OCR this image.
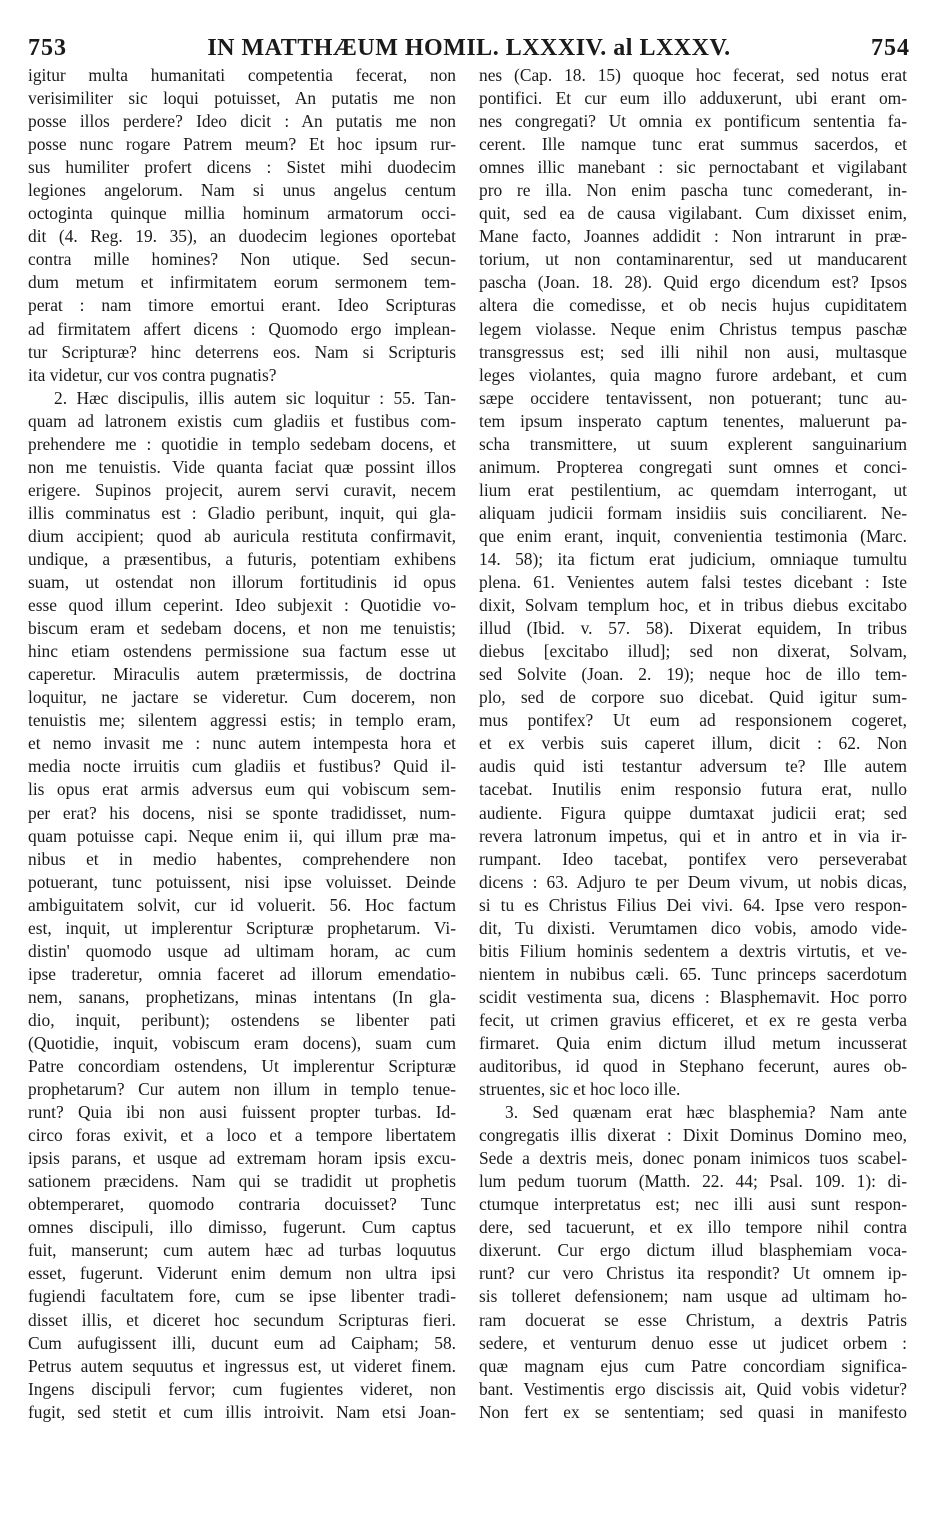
753	IN MATTHÆUM HOMIL. LXXXIV. al LXXXV.	754
igitur multa humanitati competentia fecerat, non
verisimiliter sic loqui potuisset, An putatis me non
posse illos perdere? Ideo dicit : An putatis me non
posse nunc rogare Patrem meum? Et hoc ipsum rur-
sus humiliter profert dicens : Sistet mihi duodecim
legiones angelorum. Nam si unus angelus centum
octoginta quinque millia hominum armatorum occi-
dit (4. Reg. 19. 35), an duodecim legiones oportebat
contra mille homines? Non utique. Sed secun-
dum metum et infirmitatem eorum sermonem tem-
perat : nam timore emortui erant. Ideo Scripturas
ad firmitatem affert dicens : Quomodo ergo implean-
tur Scripturæ? hinc deterrens eos. Nam si Scripturis
ita videtur, cur vos contra pugnatis?
2. Hæc discipulis, illis autem sic loquitur : 55. Tan-
quam ad latronem existis cum gladiis et fustibus com-
prehendere me : quotidie in templo sedebam docens, et
non me tenuistis. Vide quanta faciat quæ possint illos
erigere. Supinos projecit, aurem servi curavit, necem
illis comminatus est : Gladio peribunt, inquit, qui gla-
dium accipient; quod ab auricula restituta confirmavit,
undique, a præsentibus, a futuris, potentiam exhibens
suam, ut ostendat non illorum fortitudinis id opus
esse quod illum ceperint. Ideo subjexit : Quotidie vo-
biscum eram et sedebam docens, et non me tenuistis;
hinc etiam ostendens permissione sua factum esse ut
caperetur. Miraculis autem prætermissis, de doctrina
loquitur, ne jactare se videretur. Cum docerem, non
tenuistis me; silentem aggressi estis; in templo eram,
et nemo invasit me : nunc autem intempesta hora et
media nocte irruitis cum gladiis et fustibus? Quid il-
lis opus erat armis adversus eum qui vobiscum sem-
per erat? his docens, nisi se sponte tradidisset, num-
quam potuisse capi. Neque enim ii, qui illum præ ma-
nibus et in medio habentes, comprehendere non
potuerant, tunc potuissent, nisi ipse voluisset. Deinde
ambiguitatem solvit, cur id voluerit. 56. Hoc factum
est, inquit, ut implerentur Scripturæ prophetarum. Vi-
distin' quomodo usque ad ultimam horam, ac cum
ipse traderetur, omnia faceret ad illorum emendatio-
nem, sanans, prophetizans, minas intentans (In gla-
dio, inquit, peribunt); ostendens se libenter pati
(Quotidie, inquit, vobiscum eram docens), suam cum
Patre concordiam ostendens, Ut implerentur Scripturæ
prophetarum? Cur autem non illum in templo tenue-
runt? Quia ibi non ausi fuissent propter turbas. Id-
circo foras exivit, et a loco et a tempore libertatem
ipsis parans, et usque ad extremam horam ipsis excu-
sationem præcidens. Nam qui se tradidit ut prophetis
obtemperaret, quomodo contraria docuisset? Tunc
omnes discipuli, illo dimisso, fugerunt. Cum captus
fuit, manserunt; cum autem hæc ad turbas loquutus
esset, fugerunt. Viderunt enim demum non ultra ipsi
fugiendi facultatem fore, cum se ipse libenter tradi-
disset illis, et diceret hoc secundum Scripturas fieri.
Cum aufugissent illi, ducunt eum ad Caipham; 58.
Petrus autem sequutus et ingressus est, ut videret finem.
Ingens discipuli fervor; cum fugientes videret, non
fugit, sed stetit et cum illis introivit. Nam etsi Joan-
nes (Cap. 18. 15) quoque hoc fecerat, sed notus erat
pontifici. Et cur eum illo adduxerunt, ubi erant om-
nes congregati? Ut omnia ex pontificum sententia fa-
cerent. Ille namque tunc erat summus sacerdos, et
omnes illic manebant : sic pernoctabant et vigilabant
pro re illa. Non enim pascha tunc comederant, in-
quit, sed ea de causa vigilabant. Cum dixisset enim,
Mane facto, Joannes addidit : Non intrarunt in præ-
torium, ut non contaminarentur, sed ut manducarent
pascha (Joan. 18. 28). Quid ergo dicendum est? Ipsos
altera die comedisse, et ob necis hujus cupiditatem
legem violasse. Neque enim Christus tempus paschæ
transgressus est; sed illi nihil non ausi, multasque
leges violantes, quia magno furore ardebant, et cum
sæpe occidere tentavissent, non potuerant; tunc au-
tem ipsum insperato captum tenentes, maluerunt pa-
scha transmittere, ut suum explerent sanguinarium
animum. Propterea congregati sunt omnes et conci-
lium erat pestilentium, ac quemdam interrogant, ut
aliquam judicii formam insidiis suis conciliarent. Ne-
que enim erant, inquit, convenientia testimonia (Marc.
14. 58); ita fictum erat judicium, omniaque tumultu
plena. 61. Venientes autem falsi testes dicebant : Iste
dixit, Solvam templum hoc, et in tribus diebus excitabo
illud (Ibid. v. 57. 58). Dixerat equidem, In tribus
diebus [excitabo illud]; sed non dixerat, Solvam,
sed Solvite (Joan. 2. 19); neque hoc de illo tem-
plo, sed de corpore suo dicebat. Quid igitur sum-
mus pontifex? Ut eum ad responsionem cogeret,
et ex verbis suis caperet illum, dicit : 62. Non
audis quid isti testantur adversum te? Ille autem
tacebat. Inutilis enim responsio futura erat, nullo
audiente. Figura quippe dumtaxat judicii erat; sed
revera latronum impetus, qui et in antro et in via ir-
rumpant. Ideo tacebat, pontifex vero perseverabat
dicens : 63. Adjuro te per Deum vivum, ut nobis dicas,
si tu es Christus Filius Dei vivi. 64. Ipse vero respon-
dit, Tu dixisti. Verumtamen dico vobis, amodo vide-
bitis Filium hominis sedentem a dextris virtutis, et ve-
nientem in nubibus cæli. 65. Tunc princeps sacerdotum
scidit vestimenta sua, dicens : Blasphemavit. Hoc porro
fecit, ut crimen gravius efficeret, et ex re gesta verba
firmaret. Quia enim dictum illud metum incusserat
auditoribus, id quod in Stephano fecerunt, aures ob-
struentes, sic et hoc loco ille.
3. Sed quænam erat hæc blasphemia? Nam ante
congregatis illis dixerat : Dixit Dominus Domino meo,
Sede a dextris meis, donec ponam inimicos tuos scabel-
lum pedum tuorum (Matth. 22. 44; Psal. 109. 1): di-
ctumque interpretatus est; nec illi ausi sunt respon-
dere, sed tacuerunt, et ex illo tempore nihil contra
dixerunt. Cur ergo dictum illud blasphemiam voca-
runt? cur vero Christus ita respondit? Ut omnem ip-
sis tolleret defensionem; nam usque ad ultimam ho-
ram docuerat se esse Christum, a dextris Patris
sedere, et venturum denuo esse ut judicet orbem :
quæ magnam ejus cum Patre concordiam significa-
bant. Vestimentis ergo discissis ait, Quid vobis videtur?
Non fert ex se sententiam; sed quasi in manifesto
